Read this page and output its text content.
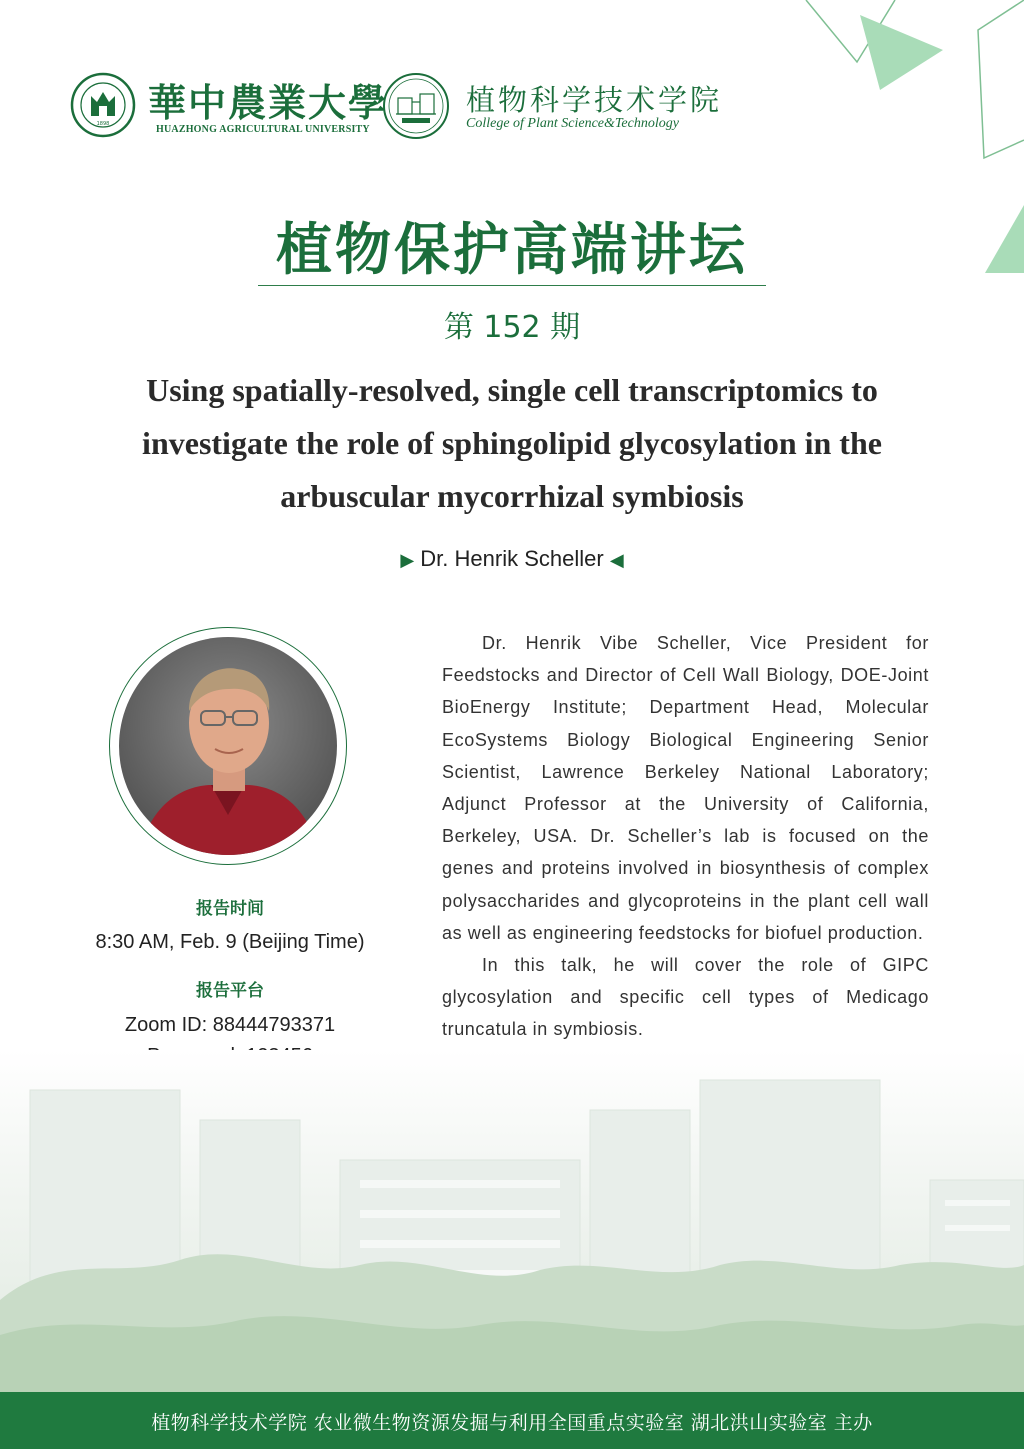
1898 華中農業大學
HUAZHONG AGRICULTURAL UNIVERSITY
植物科学技术学院
College of Plant Science&Technology
植物保护高端讲坛
第 152 期
Using spatially-resolved, single cell transcriptomics to investigate the role of sphingolipid glycosylation in the arbuscular mycorrhizal symbiosis
▶ Dr. Henrik Scheller ◀
报告时间
8:30 AM, Feb. 9 (Beijing Time)
报告平台
Zoom ID: 88444793371

Dr. Henrik Vibe Scheller, Vice President for Feedstocks and Director of Cell Wall Biology, DOE-Joint BioEnergy Institute; Department Head, Molecular EcoSystems Biology Biological Engineering Senior Scientist, Lawrence Berkeley National Laboratory; Adjunct Professor at the University of California, Berkeley, USA. Dr. Scheller’s lab is focused on the genes and proteins involved in biosynthesis of complex polysaccharides and glycoproteins in the plant cell wall as well as engineering feedstocks for biofuel production.

In this talk, he will cover the role of GIPC glycosylation and specific cell types of Medicago truncatula in symbiosis.

植物科学技术学院 农业微生物资源发掘与利用全国重点实验室 湖北洪山实验室 主办
